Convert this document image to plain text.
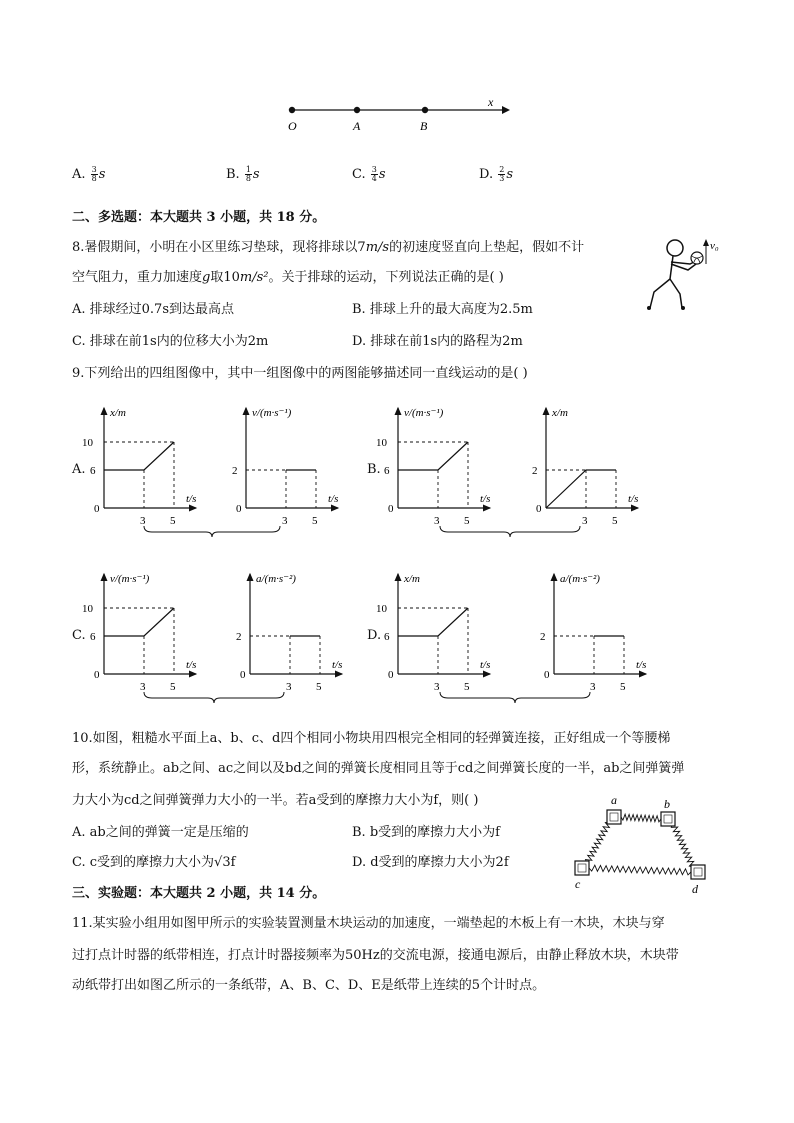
O	A	B
x
A. $\frac{3}{8}$ s	B. $\frac{1}{8}$ s	C. $\frac{3}{4}$ s	D. $\frac{2}{3}$ s
二、多选题：本大题共 3 小题，共 18 分。
8.暑假期间，小明在小区里练习垫球，现将排球以7m/s的初速度竖直向上垫起，假如不计
空气阻力，重力加速度g取10m/s²。关于排球的运动，下列说法正确的是( )
A. 排球经过0.7s到达最高点	B. 排球上升的最大高度为2.5m
C. 排球在前1s内的位移大小为2m	D. 排球在前1s内的路程为2m
v₀
9.下列给出的四组图像中，其中一组图像中的两图能够描述同一直线运动的是( )
A.	B.
C.	D.
x/m
t/s
0
3 5
10
6
v/(m·s⁻¹)
t/s
0
3 5
2
v/(m·s⁻¹)
t/s
0
3 5
10
6
x/m
t/s
0
3 5
2
v/(m·s⁻¹)
t/s
0
3 5
10
6
a/(m·s⁻²)
t/s
0
3 5
2
x/m
t/s
0
3 5
10
6
a/(m·s⁻²)
t/s
0
3 5
2
10.如图，粗糙水平面上a、b、c、d四个相同小物块用四根完全相同的轻弹簧连接，正好组成一个等腰梯
形，系统静止。ab之间、ac之间以及bd之间的弹簧长度相同且等于cd之间弹簧长度的一半，ab之间弹簧弹
力大小为cd之间弹簧弹力大小的一半。若a受到的摩擦力大小为f，则( )
A. ab之间的弹簧一定是压缩的	B. b受到的摩擦力大小为f
C. c受到的摩擦力大小为√3f	D. d受到的摩擦力大小为2f
a	b
c	d
三、实验题：本大题共 2 小题，共 14 分。
11.某实验小组用如图甲所示的实验装置测量木块运动的加速度，一端垫起的木板上有一木块，木块与穿
过打点计时器的纸带相连，打点计时器接频率为50Hz的交流电源，接通电源后，由静止释放木块，木块带
动纸带打出如图乙所示的一条纸带，A、B、C、D、E是纸带上连续的5个计时点。
